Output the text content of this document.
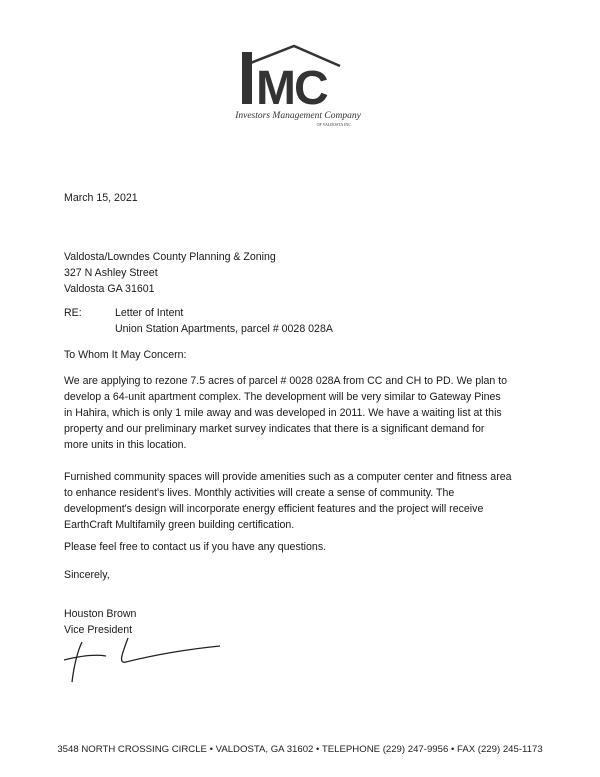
MC
Investors Management Company
OF VALDOSTA INC.
March 15, 2021
Valdosta/Lowndes County Planning & Zoning
327 N Ashley Street
Valdosta GA 31601
RE:	Letter of Intent
Union Station Apartments, parcel # 0028 028A
To Whom It May Concern:
We are applying to rezone 7.5 acres of parcel # 0028 028A from CC and CH to PD. We plan to
develop a 64-unit apartment complex. The development will be very similar to Gateway Pines
in Hahira, which is only 1 mile away and was developed in 2011. We have a waiting list at this
property and our preliminary market survey indicates that there is a significant demand for
more units in this location.
Furnished community spaces will provide amenities such as a computer center and fitness area
to enhance resident's lives. Monthly activities will create a sense of community. The
development's design will incorporate energy efficient features and the project will receive
EarthCraft Multifamily green building certification.
Please feel free to contact us if you have any questions.
Sincerely,
Houston Brown
Vice President
3548 NORTH CROSSING CIRCLE • VALDOSTA, GA 31602 • TELEPHONE (229) 247-9956 • FAX (229) 245-1173
